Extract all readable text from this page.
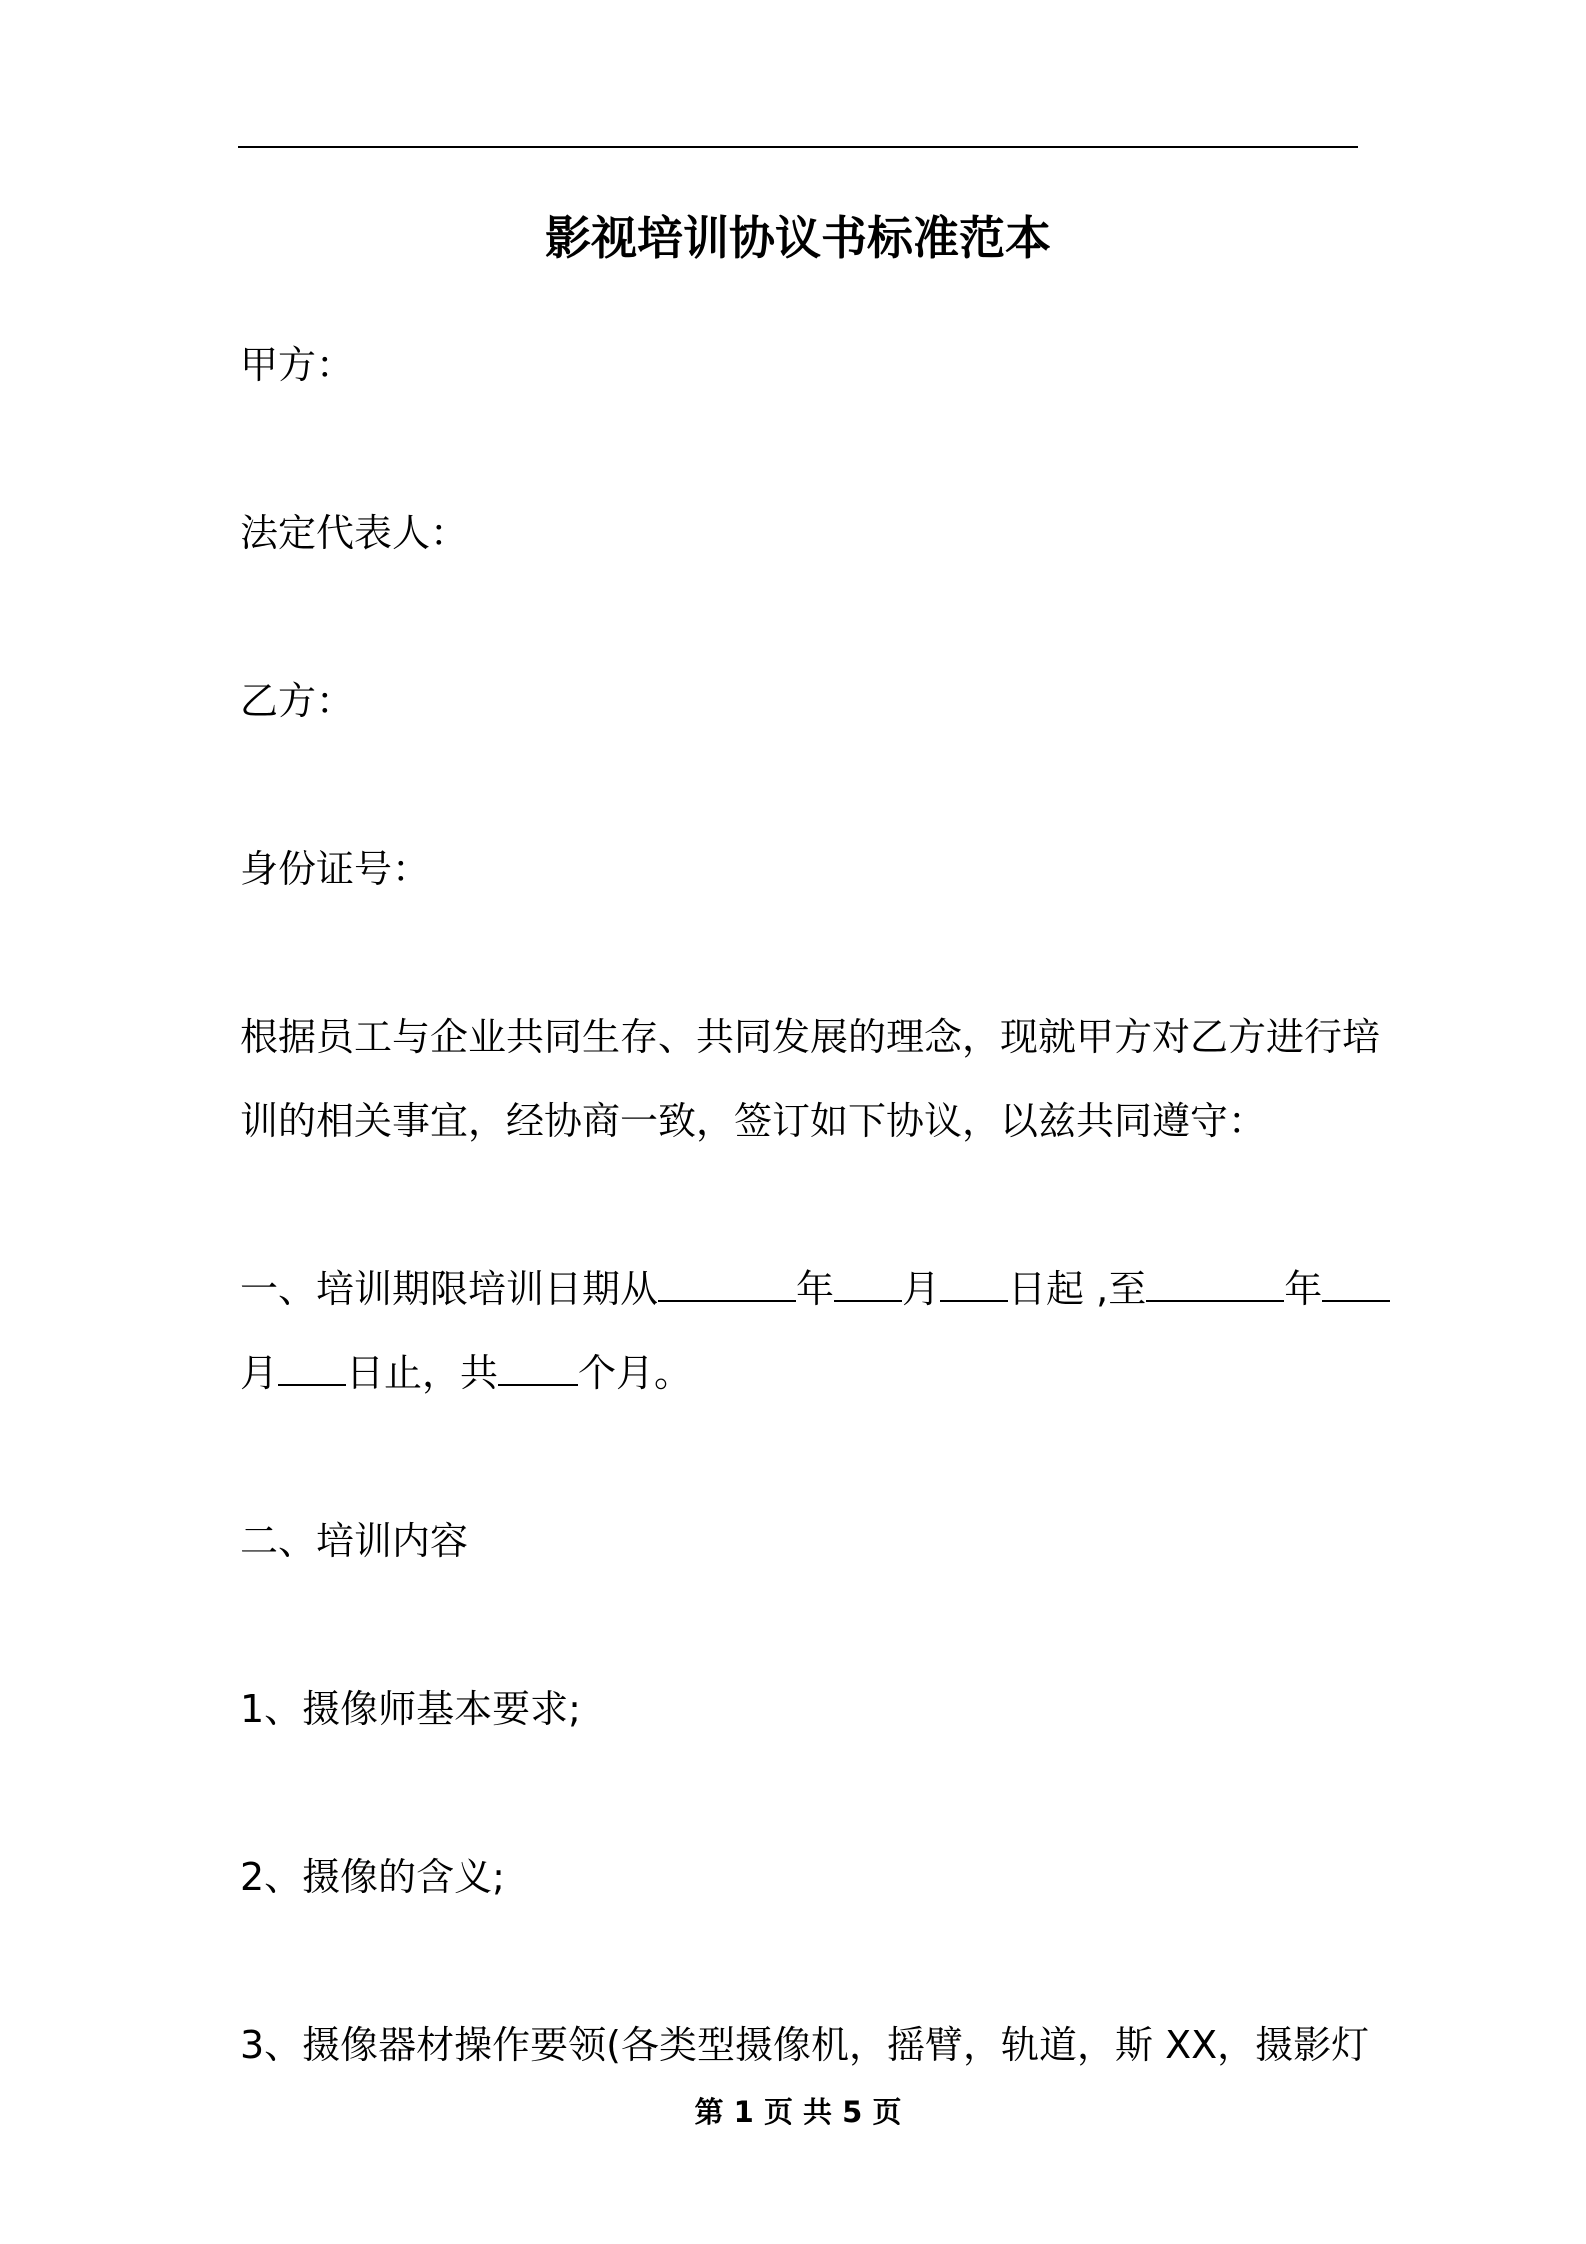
影视培训协议书标准范本
甲方：
法定代表人：
乙方：
身份证号：
根据员工与企业共同生存、共同发展的理念，现就甲方对乙方进行培
训的相关事宜，经协商一致，签订如下协议，以兹共同遵守：
一、培训期限培训日期从	年 月 日起 ,至	年
月 日止，共 个月。
二、培训内容
1、摄像师基本要求;
2、摄像的含义;
3、摄像器材操作要领(各类型摄像机，摇臂，轨道，斯 XX，摄影灯
第 1 页 共 5 页
